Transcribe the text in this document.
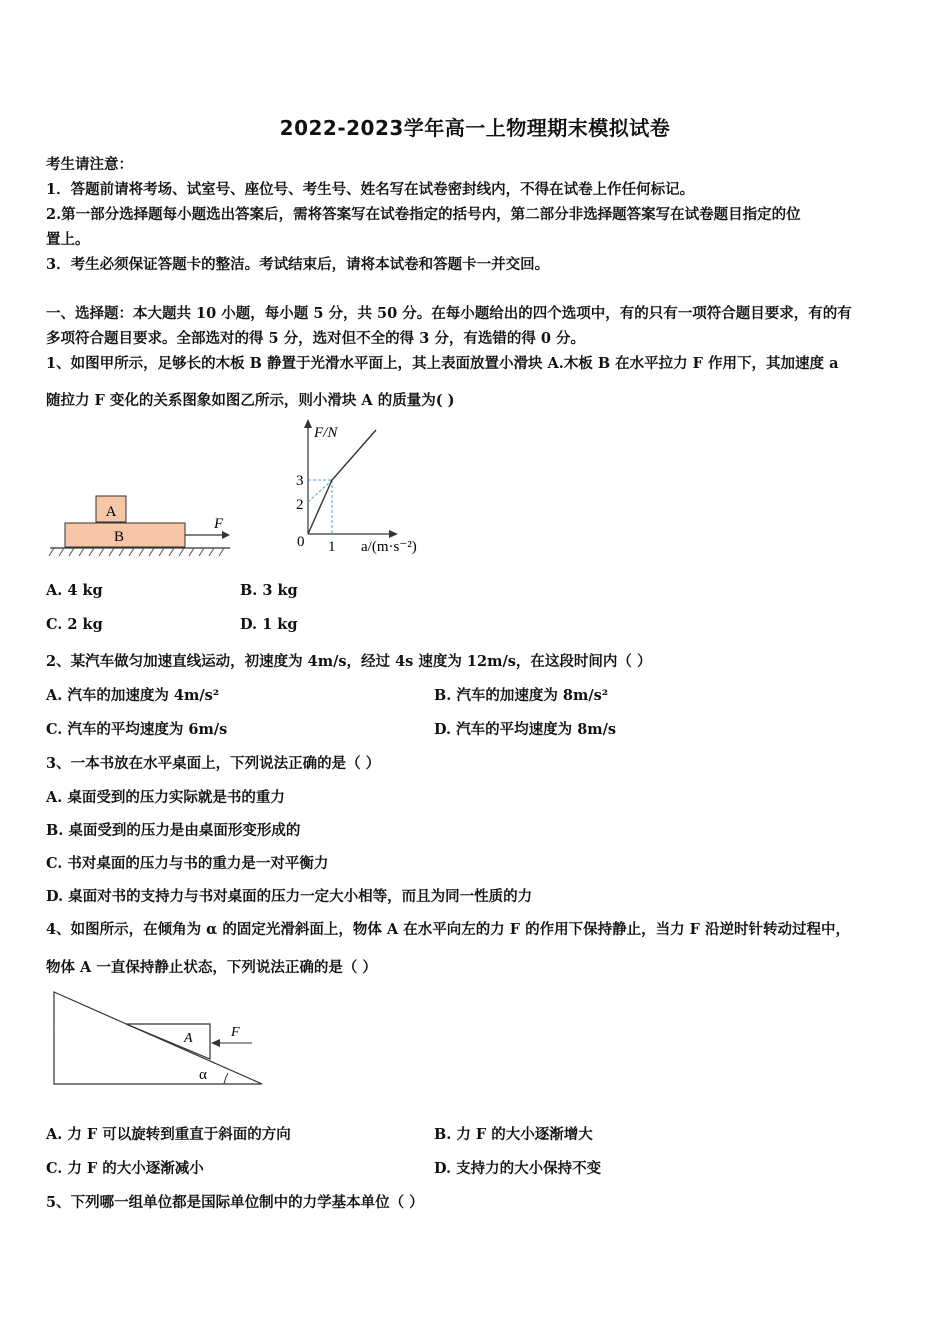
2022-2023学年高一上物理期末模拟试卷
考生请注意：
1．答题前请将考场、试室号、座位号、考生号、姓名写在试卷密封线内，不得在试卷上作任何标记。
2.第一部分选择题每小题选出答案后，需将答案写在试卷指定的括号内，第二部分非选择题答案写在试卷题目指定的位
置上。
3．考生必须保证答题卡的整洁。考试结束后，请将本试卷和答题卡一并交回。
一、选择题：本大题共 10 小题，每小题 5 分，共 50 分。在每小题给出的四个选项中，有的只有一项符合题目要求，有的有
多项符合题目要求。全部选对的得 5 分，选对但不全的得 3 分，有选错的得 0 分。
1、如图甲所示，足够长的木板 B 静置于光滑水平面上，其上表面放置小滑块 A.木板 B 在水平拉力 F 作用下，其加速度 a
随拉力 F 变化的关系图象如图乙所示，则小滑块 A 的质量为( )
A
B
F
F/N
a/(m·s⁻²)
0
3
2
1
A. 4 kg	B. 3 kg
C. 2 kg	D. 1 kg
2、某汽车做匀加速直线运动，初速度为 4m/s，经过 4s 速度为 12m/s，在这段时间内（ ）
A. 汽车的加速度为 4m/s²	B. 汽车的加速度为 8m/s²
C. 汽车的平均速度为 6m/s	D. 汽车的平均速度为 8m/s
3、一本书放在水平桌面上，下列说法正确的是（ ）
A. 桌面受到的压力实际就是书的重力
B. 桌面受到的压力是由桌面形变形成的
C. 书对桌面的压力与书的重力是一对平衡力
D. 桌面对书的支持力与书对桌面的压力一定大小相等，而且为同一性质的力
4、如图所示，在倾角为 α 的固定光滑斜面上，物体 A 在水平向左的力 F 的作用下保持静止，当力 F 沿逆时针转动过程中，
物体 A 一直保持静止状态，下列说法正确的是（ ）
A	F
α
A. 力 F 可以旋转到重直于斜面的方向	B. 力 F 的大小逐渐增大
C. 力 F 的大小逐渐减小	D. 支持力的大小保持不变
5、下列哪一组单位都是国际单位制中的力学基本单位（ ）
